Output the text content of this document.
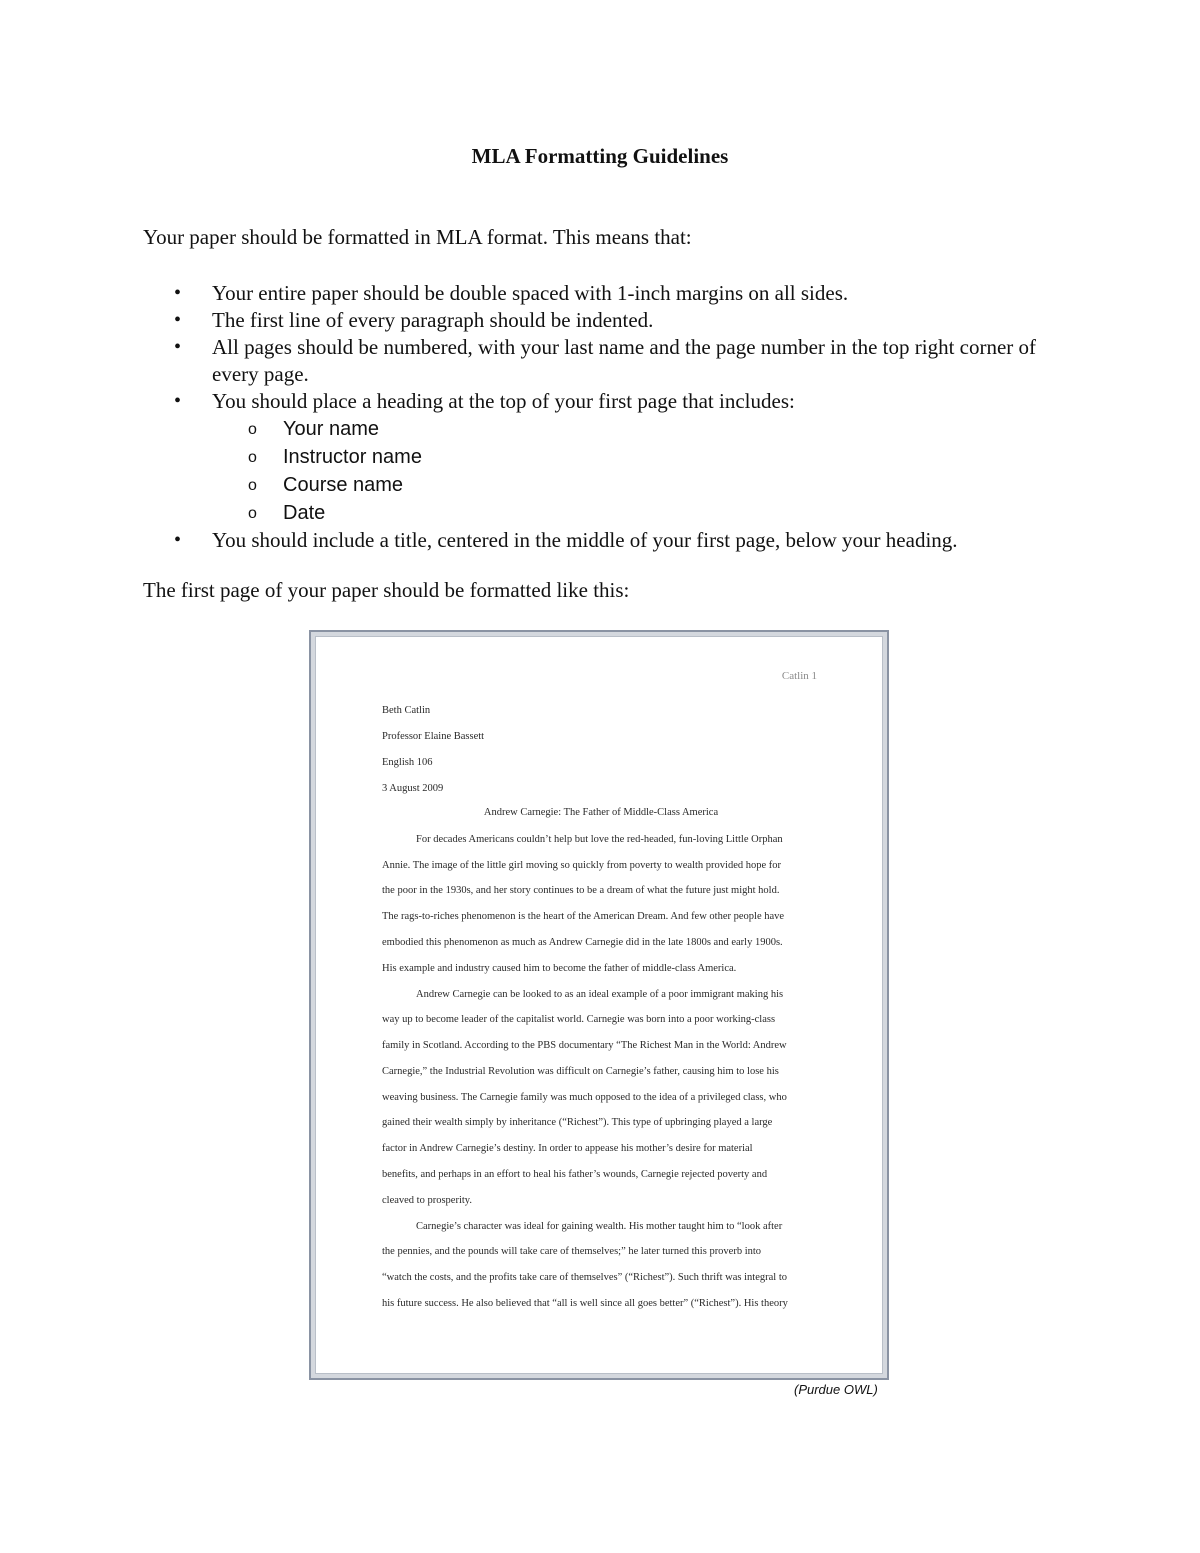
MLA Formatting Guidelines

Your paper should be formatted in MLA format. This means that:

• Your entire paper should be double spaced with 1-inch margins on all sides.
• The first line of every paragraph should be indented.
• All pages should be numbered, with your last name and the page number in the top right corner of every page.
• You should place a heading at the top of your first page that includes:
o Your name
o Instructor name
o Course name
o Date
• You should include a title, centered in the middle of your first page, below your heading.

The first page of your paper should be formatted like this:

Catlin 1
Beth Catlin
Professor Elaine Bassett
English 106
3 August 2009
Andrew Carnegie: The Father of Middle-Class America
For decades Americans couldn’t help but love the red-headed, fun-loving Little Orphan
Annie. The image of the little girl moving so quickly from poverty to wealth provided hope for
the poor in the 1930s, and her story continues to be a dream of what the future just might hold.
The rags-to-riches phenomenon is the heart of the American Dream. And few other people have
embodied this phenomenon as much as Andrew Carnegie did in the late 1800s and early 1900s.
His example and industry caused him to become the father of middle-class America.
Andrew Carnegie can be looked to as an ideal example of a poor immigrant making his
way up to become leader of the capitalist world. Carnegie was born into a poor working-class
family in Scotland. According to the PBS documentary “The Richest Man in the World: Andrew
Carnegie,” the Industrial Revolution was difficult on Carnegie’s father, causing him to lose his
weaving business. The Carnegie family was much opposed to the idea of a privileged class, who
gained their wealth simply by inheritance (“Richest”). This type of upbringing played a large
factor in Andrew Carnegie’s destiny. In order to appease his mother’s desire for material
benefits, and perhaps in an effort to heal his father’s wounds, Carnegie rejected poverty and
cleaved to prosperity.
Carnegie’s character was ideal for gaining wealth. His mother taught him to “look after
the pennies, and the pounds will take care of themselves;” he later turned this proverb into
“watch the costs, and the profits take care of themselves” (“Richest”). Such thrift was integral to
his future success. He also believed that “all is well since all goes better” (“Richest”). His theory

(Purdue OWL)
